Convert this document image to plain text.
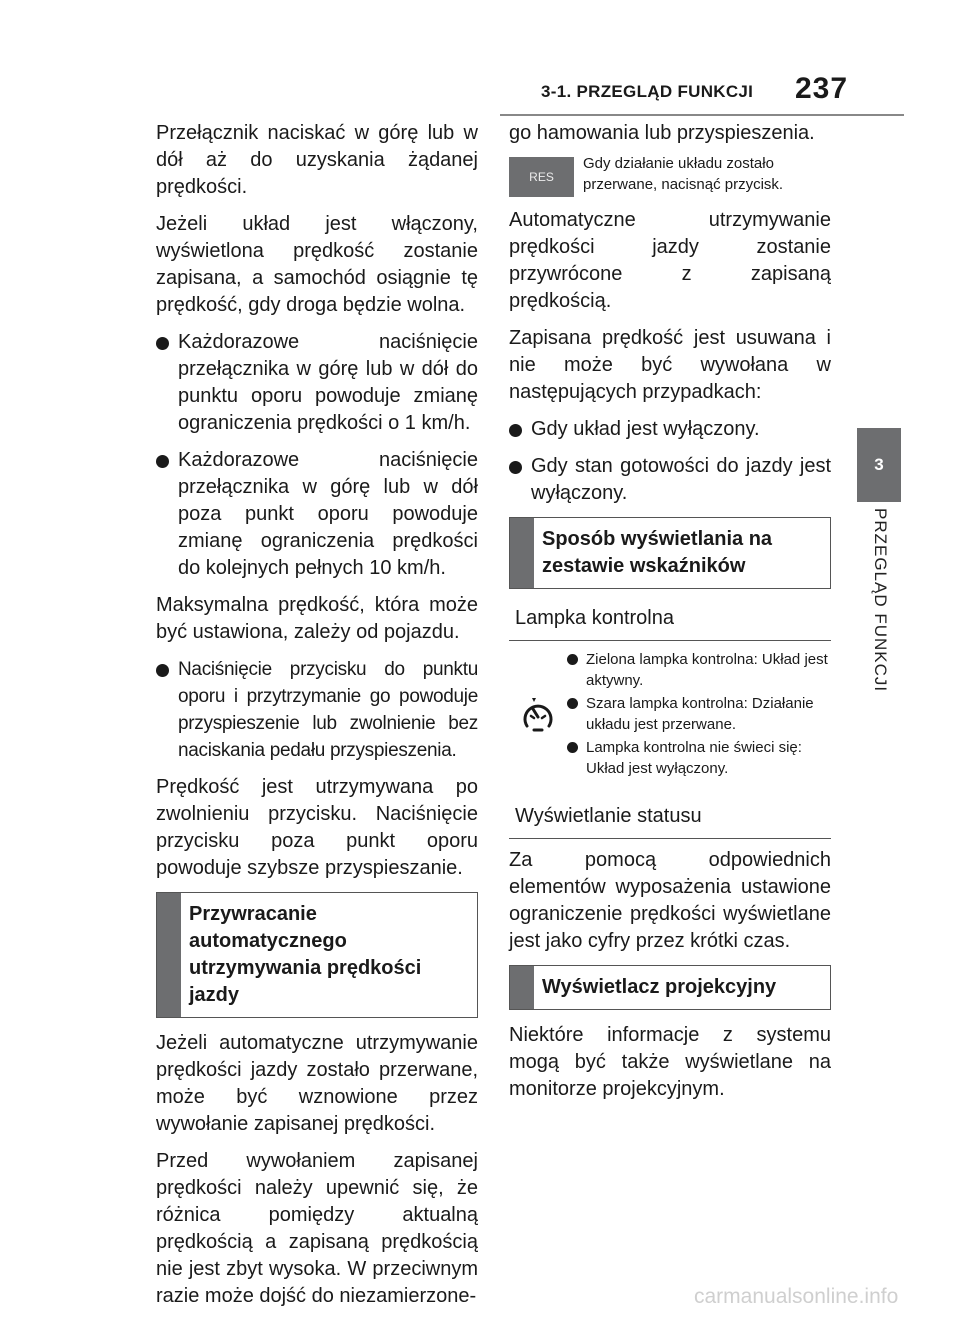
3-1. PRZEGLĄD FUNKCJI 237
3
PRZEGLĄD FUNKCJI

Przełącznik naciskać w górę lub w dół aż do uzyskania żądanej prędkości.

Jeżeli układ jest włączony, wyświetlona prędkość zostanie zapisana, a samochód osiągnie tę prędkość, gdy droga będzie wolna.

Każdorazowe naciśnięcie przełącznika w górę lub w dół do punktu oporu powoduje zmianę ograniczenia prędkości o 1 km/h.
Każdorazowe naciśnięcie przełącznika w górę lub w dół poza punkt oporu powoduje zmianę ograniczenia prędkości do kolejnych pełnych 10 km/h.

Maksymalna prędkość, która może być ustawiona, zależy od pojazdu.

Naciśnięcie przycisku do punktu oporu i przytrzymanie go powoduje przyspieszenie lub zwolnienie bez naciskania pedału przyspieszenia.

Prędkość jest utrzymywana po zwolnieniu przycisku. Naciśnięcie przycisku poza punkt oporu powoduje szybsze przyspieszanie.

Przywracanie automatycznego utrzymywania prędkości jazdy

Jeżeli automatyczne utrzymywanie prędkości jazdy zostało przerwane, może być wznowione przez wywołanie zapisanej prędkości.

Przed wywołaniem zapisanej prędkości należy upewnić się, że różnica pomiędzy aktualną prędkością a zapisaną prędkością nie jest zbyt wysoka. W przeciwnym razie może dojść do niezamierzone-

go hamowania lub przyspieszenia.

RES
Gdy działanie układu zostało przerwane, nacisnąć przycisk.

Automatyczne utrzymywanie prędkości jazdy zostanie przywrócone z zapisaną prędkością.

Zapisana prędkość jest usuwana i nie może być wywołana w następujących przypadkach:

Gdy układ jest wyłączony.
Gdy stan gotowości do jazdy jest wyłączony.
Sposób wyświetlania na zestawie wskaźników
Lampka kontrolna
Zielona lampka kontrolna: Układ jest aktywny.
Szara lampka kontrolna: Działanie układu jest przerwane.
Lampka kontrolna nie świeci się: Układ jest wyłączony.
Wyświetlanie statusu

Za pomocą odpowiednich elementów wyposażenia ustawione ograniczenie prędkości wyświetlane jest jako cyfry przez krótki czas.

Wyświetlacz projekcyjny

Niektóre informacje z systemu mogą być także wyświetlane na monitorze projekcyjnym.

carmanualsonline.info
